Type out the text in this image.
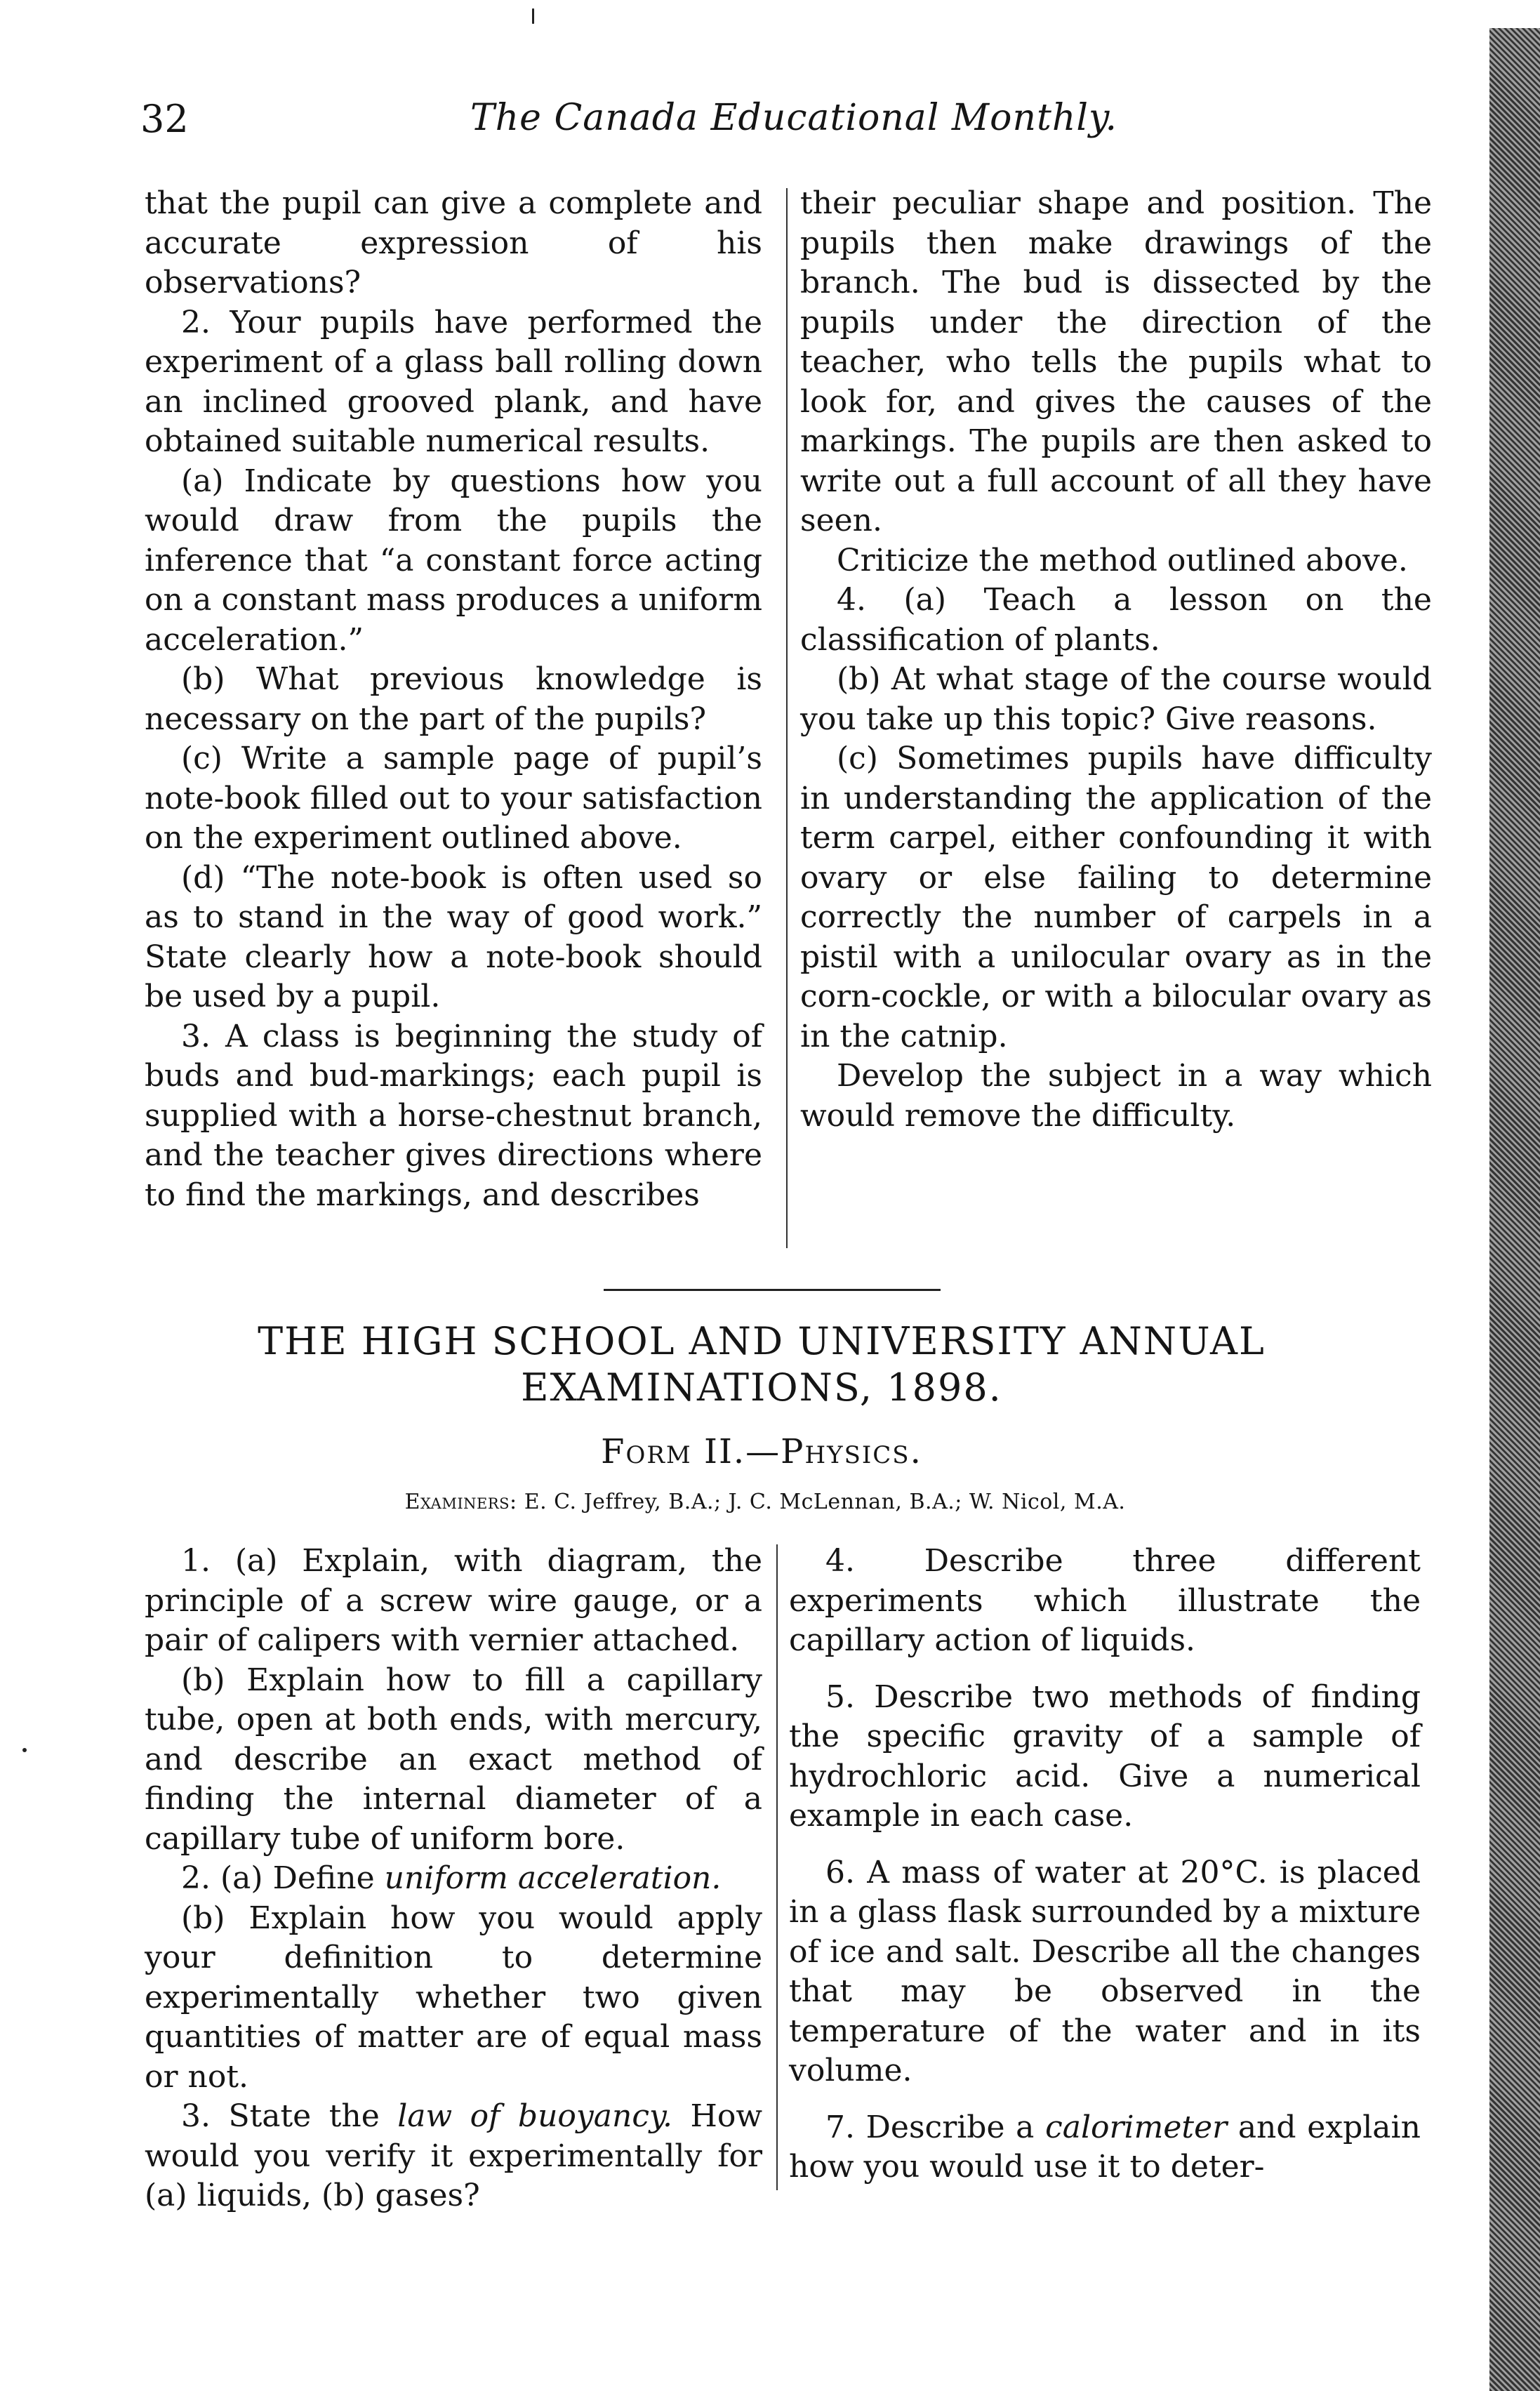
32	The Canada Educational Monthly.

that the pupil can give a complete and accurate expression of his observations?

2. Your pupils have performed the experiment of a glass ball rolling down an inclined grooved plank, and have obtained suitable numerical results.

(a) Indicate by questions how you would draw from the pupils the inference that “a constant force acting on a constant mass produces a uniform acceleration.”

(b) What previous knowledge is necessary on the part of the pupils?

(c) Write a sample page of pupil’s note-book filled out to your satisfaction on the experiment outlined above.

(d) “The note-book is often used so as to stand in the way of good work.” State clearly how a note-book should be used by a pupil.

3. A class is beginning the study of buds and bud-markings; each pupil is supplied with a horse-chestnut branch, and the teacher gives directions where to find the markings, and describes

their peculiar shape and position. The pupils then make drawings of the branch. The bud is dissected by the pupils under the direction of the teacher, who tells the pupils what to look for, and gives the causes of the markings. The pupils are then asked to write out a full account of all they have seen.

Criticize the method outlined above.

4. (a) Teach a lesson on the classification of plants.

(b) At what stage of the course would you take up this topic? Give reasons.

(c) Sometimes pupils have difficulty in understanding the application of the term carpel, either confounding it with ovary or else failing to determine correctly the number of carpels in a pistil with a unilocular ovary as in the corn-cockle, or with a bilocular ovary as in the catnip.

Develop the subject in a way which would remove the difficulty.

THE HIGH SCHOOL AND UNIVERSITY ANNUAL
EXAMINATIONS, 1898.
Form II.—Physics.
Examiners: E. C. Jeffrey, B.A.; J. C. McLennan, B.A.; W. Nicol, M.A.

1. (a) Explain, with diagram, the principle of a screw wire gauge, or a pair of calipers with vernier attached.

(b) Explain how to fill a capillary tube, open at both ends, with mercury, and describe an exact method of finding the internal diameter of a capillary tube of uniform bore.

2. (a) Define uniform acceleration.

(b) Explain how you would apply your definition to determine experimentally whether two given quantities of matter are of equal mass or not.

3. State the law of buoyancy. How would you verify it experimentally for (a) liquids, (b) gases?

4. Describe three different experiments which illustrate the capillary action of liquids.

5. Describe two methods of finding the specific gravity of a sample of hydrochloric acid. Give a numerical example in each case.

6. A mass of water at 20°C. is placed in a glass flask surrounded by a mixture of ice and salt. Describe all the changes that may be observed in the temperature of the water and in its volume.

7. Describe a calorimeter and explain how you would use it to deter-
